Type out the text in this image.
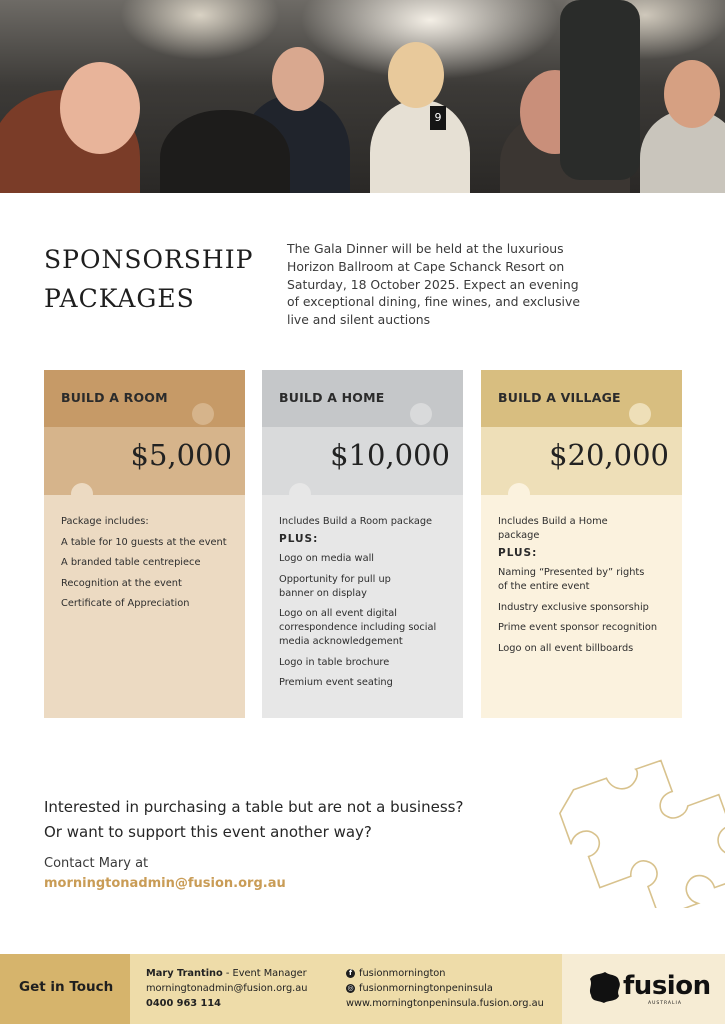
9
SPONSORSHIP
PACKAGES

The Gala Dinner will be held at the luxurious Horizon Ballroom at Cape Schanck Resort on Saturday, 18 October 2025. Expect an evening of exceptional dining, fine wines, and exclusive live and silent auctions

BUILD A ROOM
$5,000

Package includes:

A table for 10 guests at the event

A branded table centrepiece

Recognition at the event

Certificate of Appreciation

BUILD A HOME
$10,000

Includes Build a Room package

PLUS:

Logo on media wall

Opportunity for pull up banner on display

Logo on all event digital correspondence including social media acknowledgement

Logo in table brochure

Premium event seating

BUILD A VILLAGE
$20,000

Includes Build a Home package

PLUS:

Naming “Presented by” rights of the entire event

Industry exclusive sponsorship

Prime event sponsor recognition

Logo on all event billboards

Interested in purchasing a table but are not a business?
Or want to support this event another way?
Contact Mary at
morningtonadmin@fusion.org.au
Get in Touch
Mary Trantino - Event Manager
morningtonadmin@fusion.org.au
0400 963 114
f fusionmornington
◎ fusionmorningtonpeninsula
www.morningtonpeninsula.fusion.org.au
fusion
AUSTRALIA
